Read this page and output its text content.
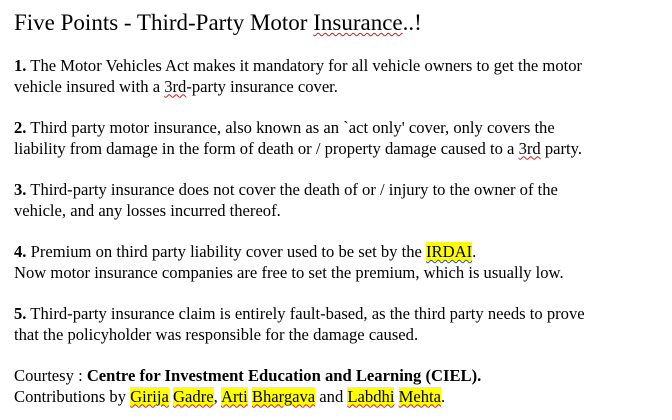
Five Points - Third-Party Motor Insurance..!
1. The Motor Vehicles Act makes it mandatory for all vehicle owners to get the motor
vehicle insured with a 3rd-party insurance cover.
2. Third party motor insurance, also known as an `act only' cover, only covers the
liability from damage in the form of death or / property damage caused to a 3rd party.
3. Third-party insurance does not cover the death of or / injury to the owner of the
vehicle, and any losses incurred thereof.
4. Premium on third party liability cover used to be set by the IRDAI.
Now motor insurance companies are free to set the premium, which is usually low.
5. Third-party insurance claim is entirely fault-based, as the third party needs to prove
that the policyholder was responsible for the damage caused.
Courtesy : Centre for Investment Education and Learning (CIEL).
Contributions by Girija Gadre, Arti Bhargava and Labdhi Mehta.
